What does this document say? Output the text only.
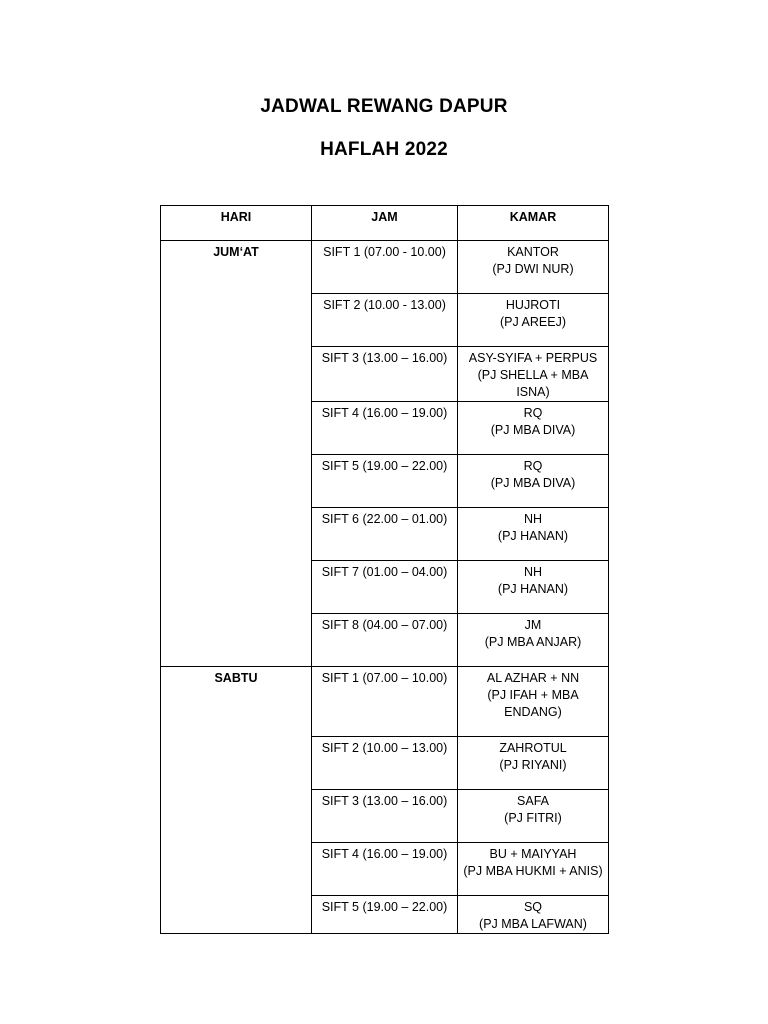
JADWAL REWANG DAPUR
HAFLAH 2022
HARI	JAM	KAMAR
JUM‘AT	SIFT 1 (07.00 - 10.00)	KANTOR
(PJ DWI NUR)

	SIFT 2 (10.00 - 13.00)	HUJROTI
(PJ AREEJ)

	SIFT 3 (13.00 – 16.00)	ASY-SYIFA + PERPUS
(PJ SHELLA + MBA ISNA)

	SIFT 4 (16.00 – 19.00)	RQ
(PJ MBA DIVA)

	SIFT 5 (19.00 – 22.00)	RQ
(PJ MBA DIVA)

	SIFT 6 (22.00 – 01.00)	NH
(PJ HANAN)

	SIFT 7 (01.00 – 04.00)	NH
(PJ HANAN)

	SIFT 8 (04.00 – 07.00)	JM
(PJ MBA ANJAR)

SABTU	SIFT 1 (07.00 – 10.00)	AL AZHAR + NN
(PJ IFAH + MBA
ENDANG)

	SIFT 2 (10.00 – 13.00)	ZAHROTUL
(PJ RIYANI)

	SIFT 3 (13.00 – 16.00)	SAFA
(PJ FITRI)

	SIFT 4 (16.00 – 19.00)	BU + MAIYYAH
(PJ MBA HUKMI + ANIS)

	SIFT 5 (19.00 – 22.00)	SQ
(PJ MBA LAFWAN)
